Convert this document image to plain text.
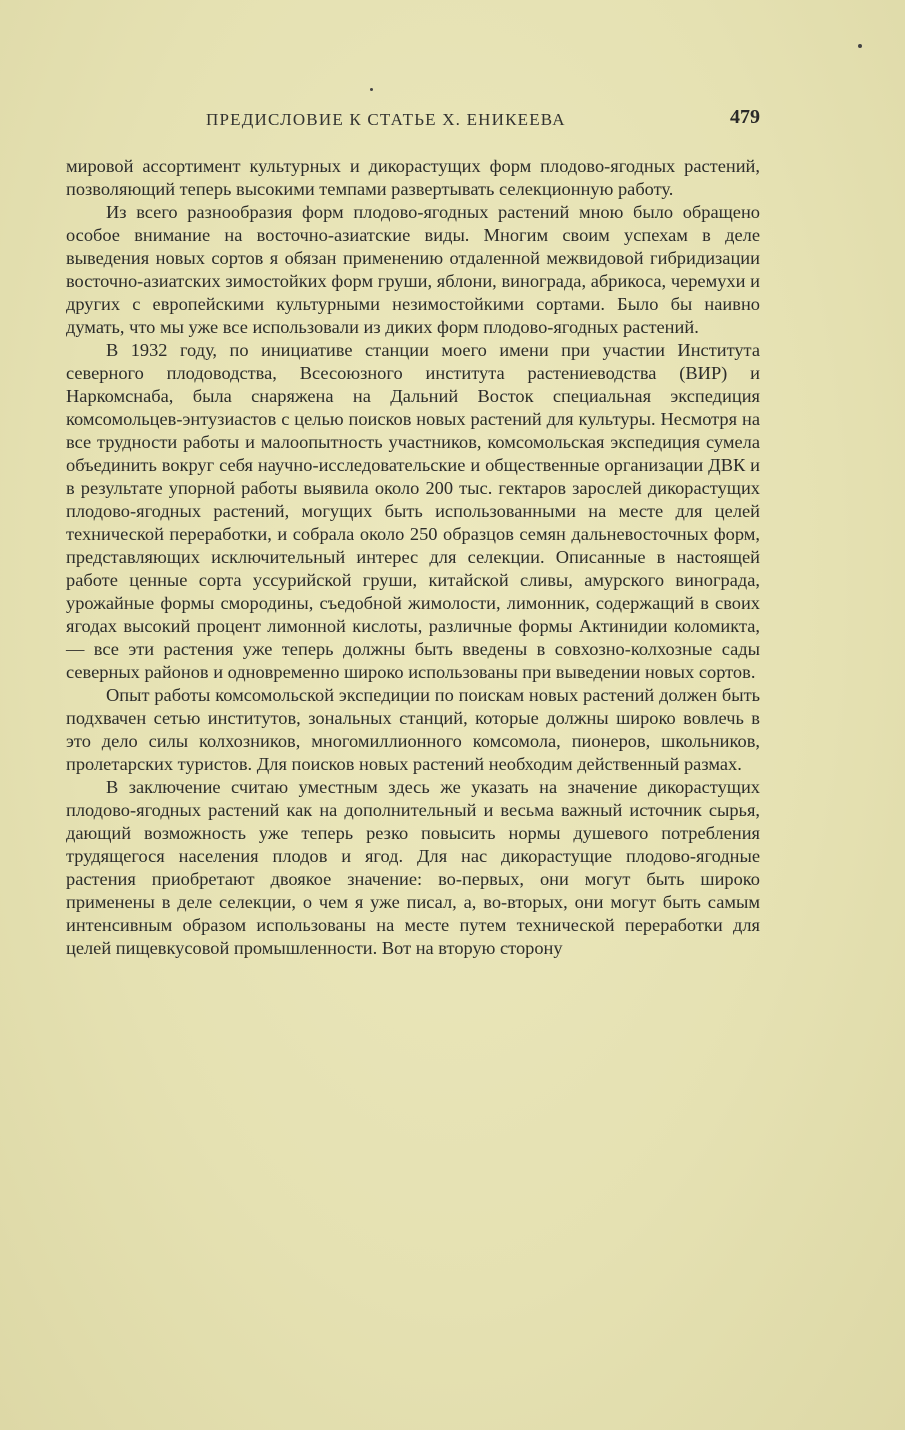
ПРЕДИСЛОВИЕ К СТАТЬЕ Х. ЕНИКЕЕВА	479

мировой ассортимент культурных и дикорастущих форм плодово-ягодных растений, позволяющий теперь высокими темпами развертывать селекционную работу.

Из всего разнообразия форм плодово-ягодных растений мною было обращено особое внимание на восточно-азиатские виды. Многим своим успехам в деле выведения новых сортов я обязан применению отдаленной межвидовой гибридизации восточно-азиатских зимостойких форм груши, яблони, винограда, абрикоса, черемухи и других с европейскими культурными незимостойкими сортами. Было бы наивно думать, что мы уже все использовали из диких форм плодово-ягодных растений.

В 1932 году, по инициативе станции моего имени при участии Института северного плодоводства, Всесоюзного института растениеводства (ВИР) и Наркомснаба, была снаряжена на Дальний Восток специальная экспедиция комсомольцев-энтузиастов с целью поисков новых растений для культуры. Несмотря на все трудности работы и малоопытность участников, комсомольская экспедиция сумела объединить вокруг себя научно-исследовательские и общественные организации ДВК и в результате упорной работы выявила около 200 тыс. гектаров зарослей дикорастущих плодово-ягодных растений, могущих быть использованными на месте для целей технической переработки, и собрала около 250 образцов семян дальневосточных форм, представляющих исключительный интерес для селекции. Описанные в настоящей работе ценные сорта уссурийской груши, китайской сливы, амурского винограда, урожайные формы смородины, съедобной жимолости, лимонник, содержащий в своих ягодах высокий процент лимонной кислоты, различные формы Актинидии коломикта, — все эти растения уже теперь должны быть введены в совхозно-колхозные сады северных районов и одновременно широко использованы при выведении новых сортов.

Опыт работы комсомольской экспедиции по поискам новых растений должен быть подхвачен сетью институтов, зональных станций, которые должны широко вовлечь в это дело силы колхозников, многомиллионного комсомола, пионеров, школьников, пролетарских туристов. Для поисков новых растений необходим действенный размах.

В заключение считаю уместным здесь же указать на значение дикорастущих плодово-ягодных растений как на дополнительный и весьма важный источник сырья, дающий возможность уже теперь резко повысить нормы душевого потребления трудящегося населения плодов и ягод. Для нас дикорастущие плодово-ягодные растения приобретают двоякое значение: во-первых, они могут быть широко применены в деле селекции, о чем я уже писал, а, во-вторых, они могут быть самым интенсивным образом использованы на месте путем технической переработки для целей пищевкусовой промышленности. Вот на вторую сторону
